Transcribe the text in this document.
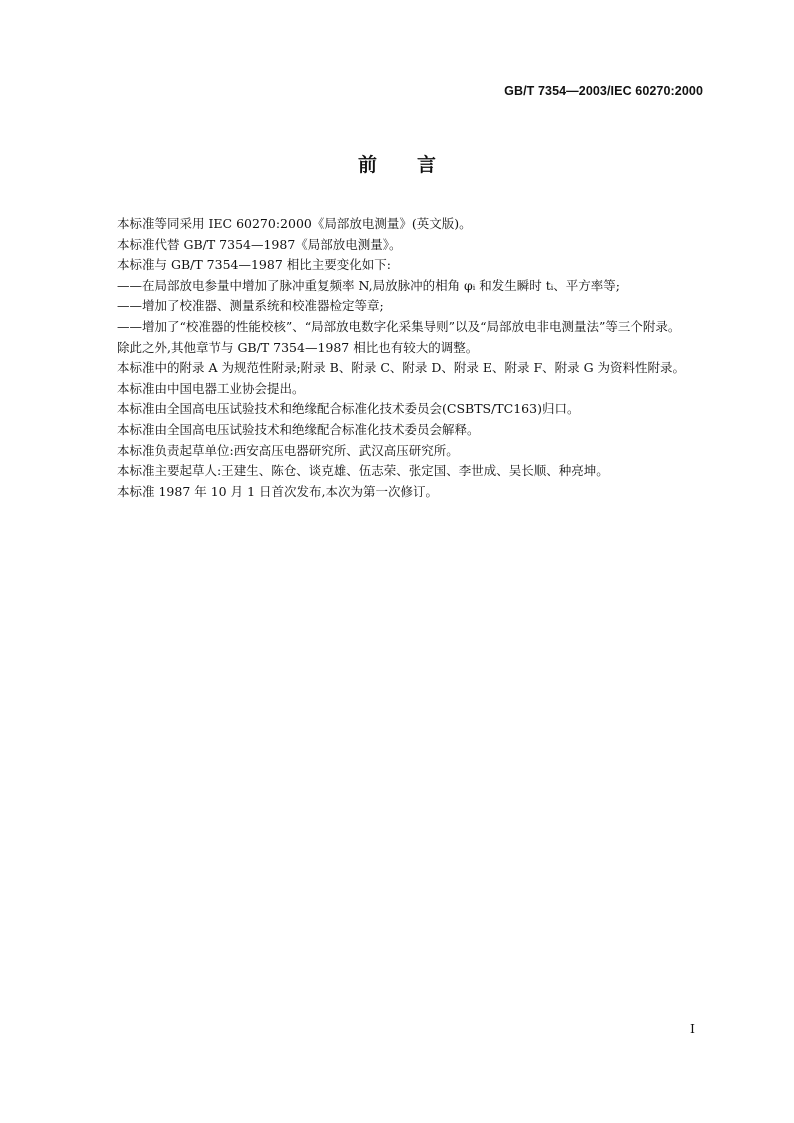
GB/T 7354—2003/IEC 60270:2000
前言

本标准等同采用 IEC 60270:2000《局部放电测量》(英文版)。

本标准代替 GB/T 7354—1987《局部放电测量》。

本标准与 GB/T 7354—1987 相比主要变化如下:

——在局部放电参量中增加了脉冲重复频率 N,局放脉冲的相角 φᵢ 和发生瞬时 tᵢ、平方率等;

——增加了校准器、测量系统和校准器检定等章;

——增加了“校准器的性能校核”、“局部放电数字化采集导则”以及“局部放电非电测量法”等三个附录。

除此之外,其他章节与 GB/T 7354—1987 相比也有较大的调整。

本标准中的附录 A 为规范性附录;附录 B、附录 C、附录 D、附录 E、附录 F、附录 G 为资料性附录。

本标准由中国电器工业协会提出。

本标准由全国高电压试验技术和绝缘配合标准化技术委员会(CSBTS/TC163)归口。

本标准由全国高电压试验技术和绝缘配合标准化技术委员会解释。

本标准负责起草单位:西安高压电器研究所、武汉高压研究所。

本标准主要起草人:王建生、陈仓、谈克雄、伍志荣、张定国、李世成、吴长顺、种亮坤。

本标准 1987 年 10 月 1 日首次发布,本次为第一次修订。

I
